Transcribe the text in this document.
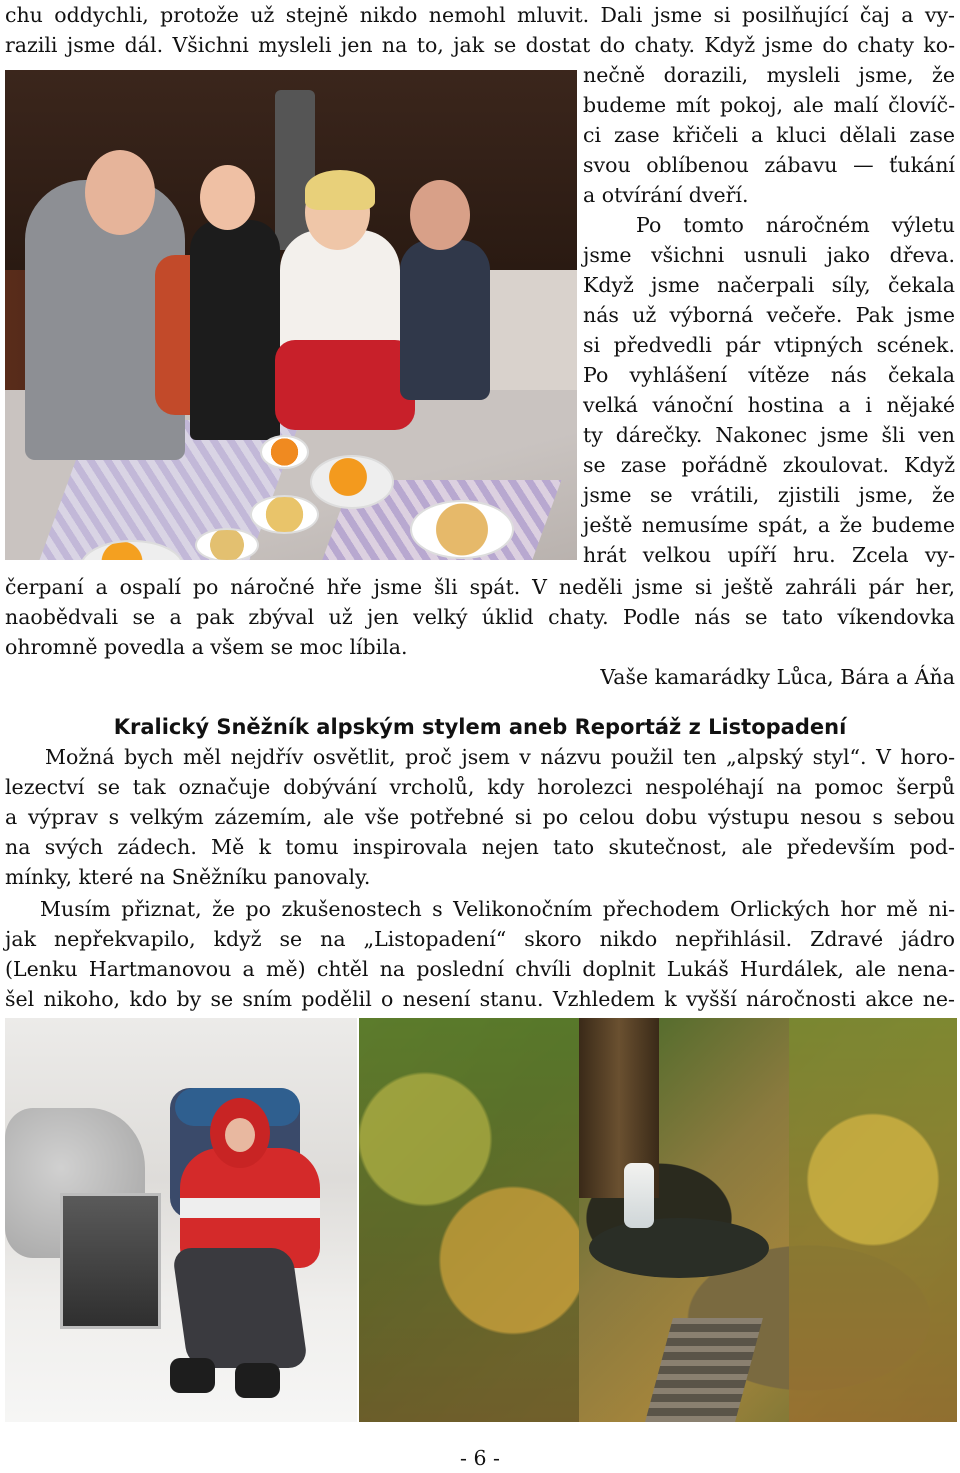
chu oddychli, protože už stejně nikdo nemohl mluvit. Dali jsme si posilňující čaj a vy-
razili jsme dál. Všichni mysleli jen na to, jak se dostat do chaty. Když jsme do chaty ko-
nečně dorazili, mysleli jsme, že
budeme mít pokoj, ale malí človíč-
ci zase křičeli a kluci dělali zase
svou oblíbenou zábavu — ťukání
a otvírání dveří.
Po tomto náročném výletu
jsme všichni usnuli jako dřeva.
Když jsme načerpali síly, čekala
nás už výborná večeře. Pak jsme
si předvedli pár vtipných scének.
Po vyhlášení vítěze nás čekala
velká vánoční hostina a i nějaké
ty dárečky. Nakonec jsme šli ven
se zase pořádně zkoulovat. Když
jsme se vrátili, zjistili jsme, že
ještě nemusíme spát, a že budeme
hrát velkou upíří hru. Zcela vy-
čerpaní a ospalí po náročné hře jsme šli spát. V neděli jsme si ještě zahráli pár her,
naobědvali se a pak zbýval už jen velký úklid chaty. Podle nás se tato víkendovka
ohromně povedla a všem se moc líbila.
Vaše kamarádky Lůca, Bára a Áňa
Kralický Sněžník alpským stylem aneb Reportáž z Listopadení
Možná bych měl nejdřív osvětlit, proč jsem v názvu použil ten „alpský styl“. V horo-
lezectví se tak označuje dobývání vrcholů, kdy horolezci nespoléhají na pomoc šerpů
a výprav s velkým zázemím, ale vše potřebné si po celou dobu výstupu nesou s sebou
na svých zádech. Mě k tomu inspirovala nejen tato skutečnost, ale především pod-
mínky, které na Sněžníku panovaly.
Musím přiznat, že po zkušenostech s Velikonočním přechodem Orlických hor mě ni-
jak nepřekvapilo, když se na „Listopadení“ skoro nikdo nepřihlásil. Zdravé jádro
(Lenku Hartmanovou a mě) chtěl na poslední chvíli doplnit Lukáš Hurdálek, ale nena-
šel nikoho, kdo by se sním podělil o nesení stanu. Vzhledem k vyšší náročnosti akce ne-
- 6 -
